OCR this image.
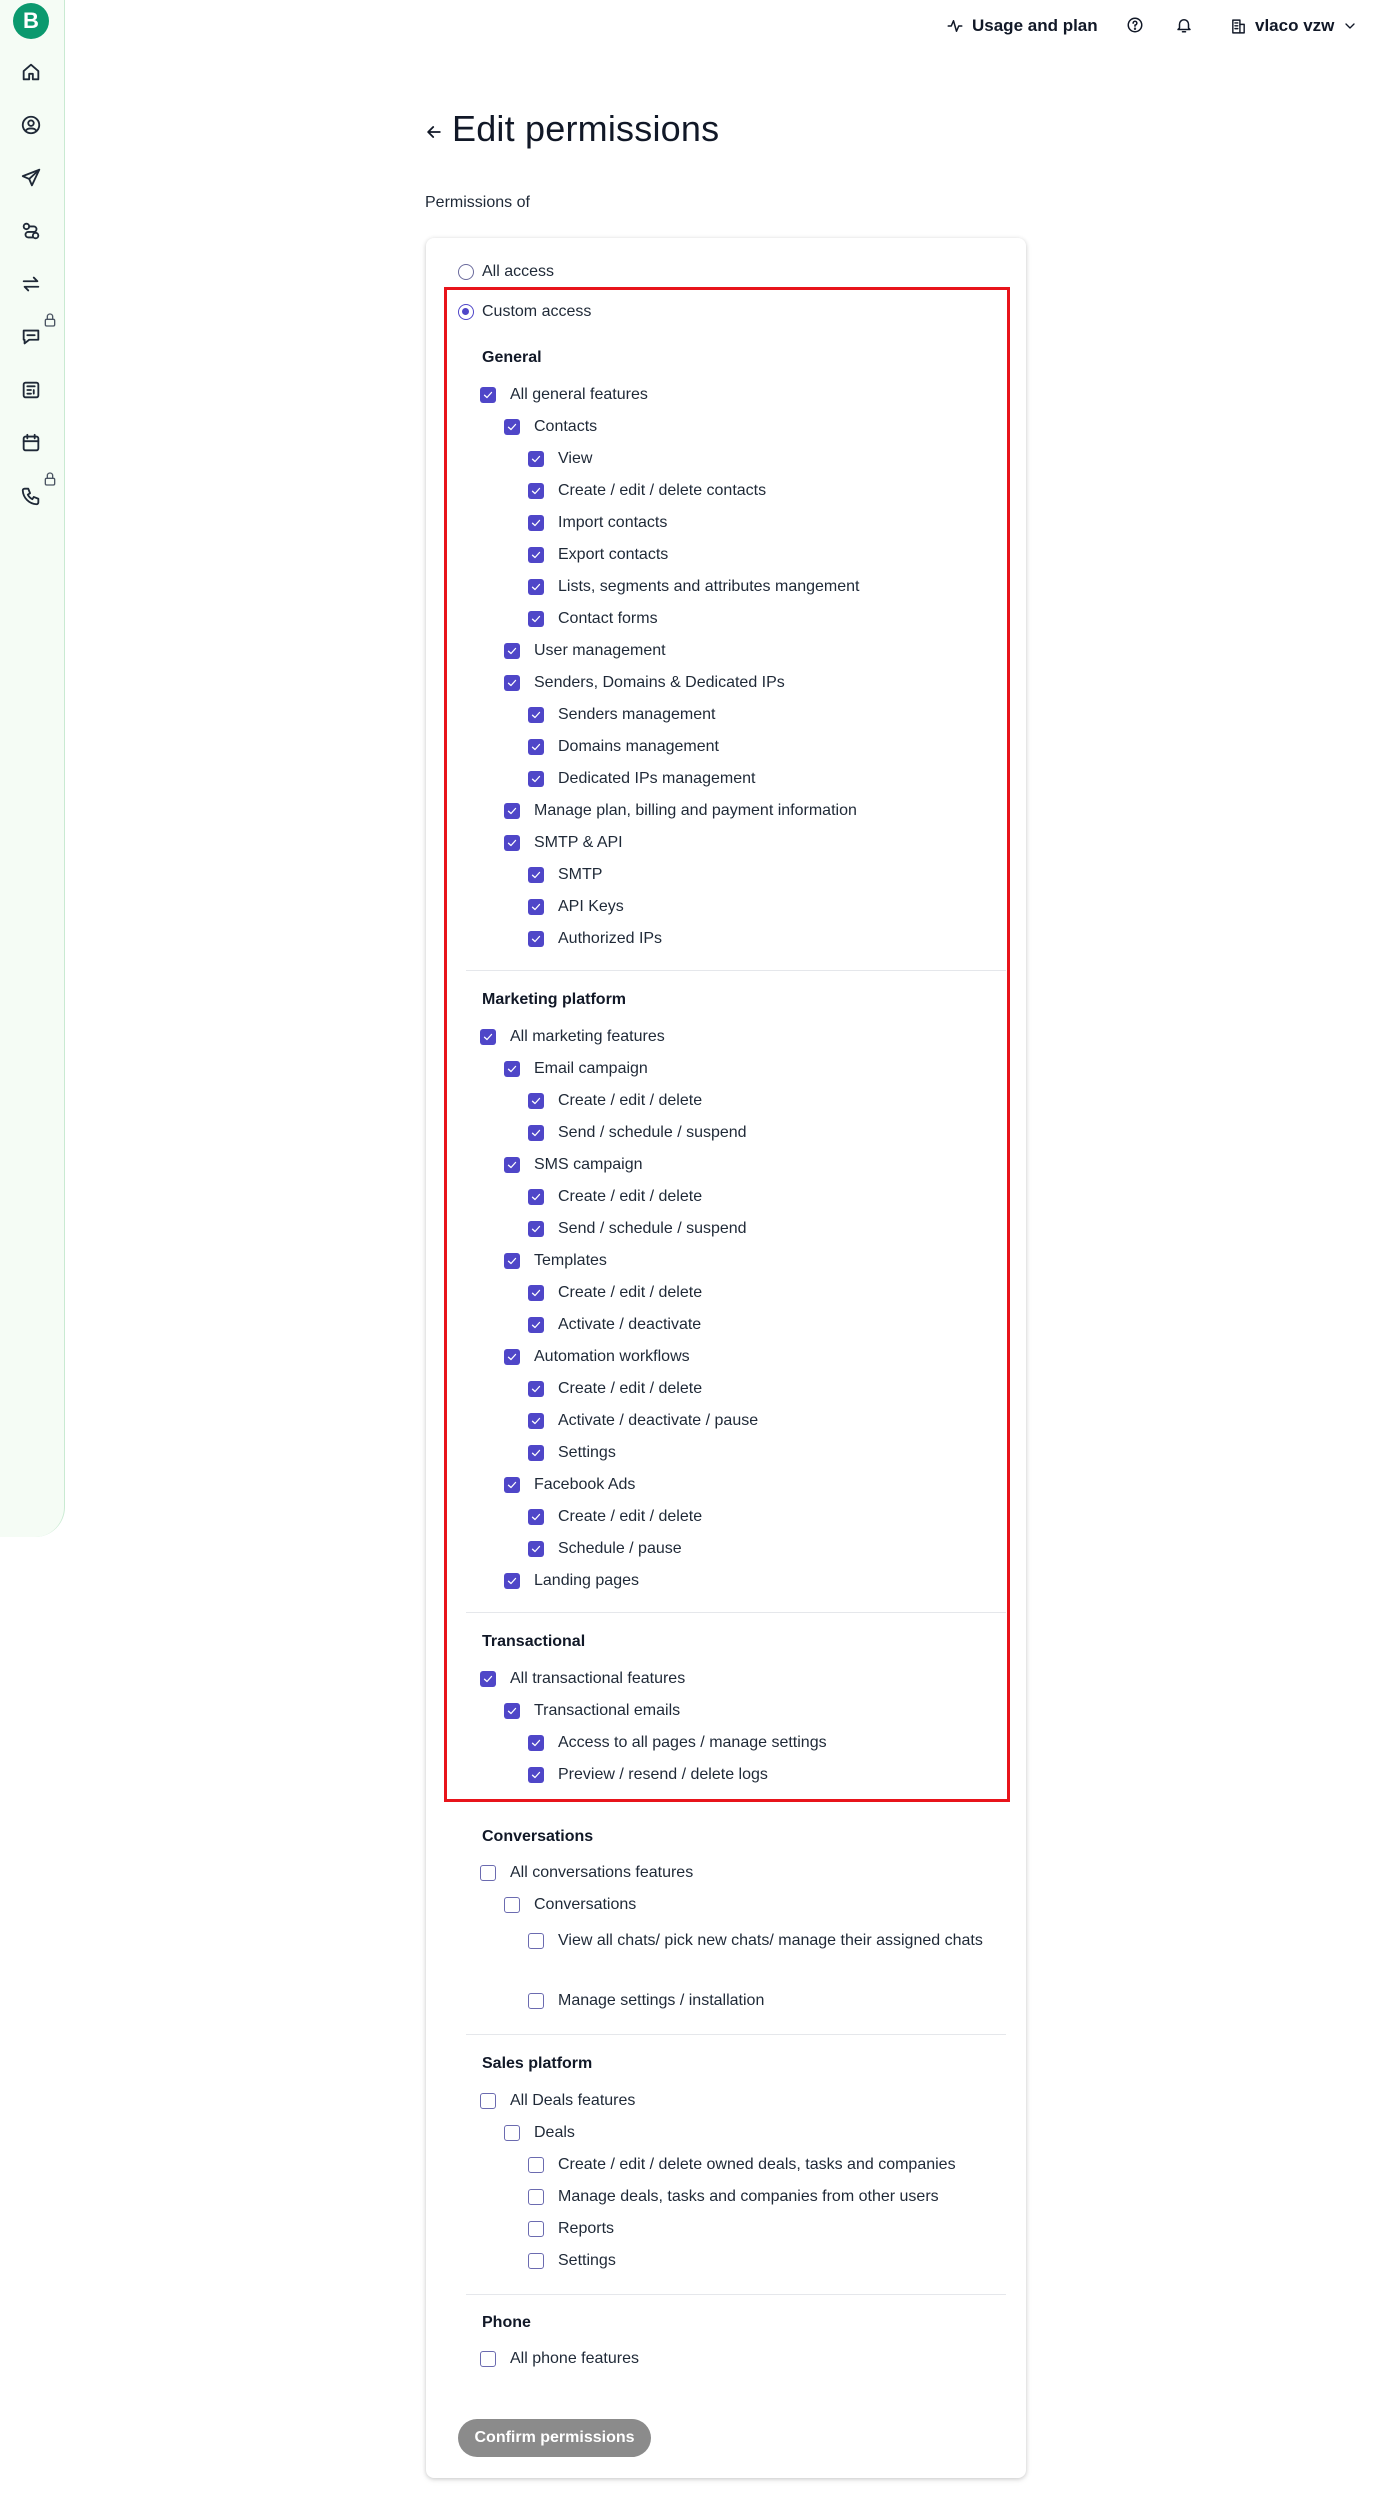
B	Usage and plan	vlaco vzw
Edit permissions
Permissions of
All access
Custom access
General
All general features
Contacts
View
Create / edit / delete contacts
Import contacts
Export contacts
Lists, segments and attributes mangement
Contact forms
User management
Senders, Domains & Dedicated IPs
Senders management
Domains management
Dedicated IPs management
Manage plan, billing and payment information
SMTP & API
SMTP
API Keys
Authorized IPs
Marketing platform
All marketing features
Email campaign
Create / edit / delete
Send / schedule / suspend
SMS campaign
Create / edit / delete
Send / schedule / suspend
Templates
Create / edit / delete
Activate / deactivate
Automation workflows
Create / edit / delete
Activate / deactivate / pause
Settings
Facebook Ads
Create / edit / delete
Schedule / pause
Landing pages
Transactional
All transactional features
Transactional emails
Access to all pages / manage settings
Preview / resend / delete logs
Conversations
All conversations features
Conversations
View all chats/ pick new chats/ manage their assigned chats
Manage settings / installation
Sales platform
All Deals features
Deals
Create / edit / delete owned deals, tasks and companies
Manage deals, tasks and companies from other users
Reports
Settings
Phone
All phone features
Confirm permissions
